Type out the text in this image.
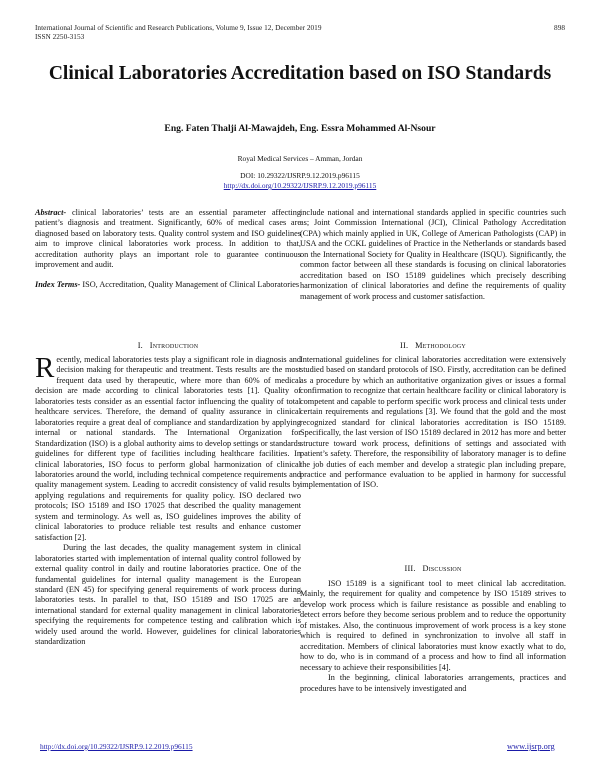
International Journal of Scientific and Research Publications, Volume 9, Issue 12, December 2019
ISSN 2250-3153
898
Clinical Laboratories Accreditation based on ISO Standards
Eng. Faten Thalji Al-Mawajdeh, Eng. Essra Mohammed Al-Nsour
Royal Medical Services – Amman, Jordan
DOI: 10.29322/IJSRP.9.12.2019.p96115
http://dx.doi.org/10.29322/IJSRP.9.12.2019.p96115

Abstract- clinical laboratories’ tests are an essential parameter affecting patient’s diagnosis and treatment. Significantly, 60% of medical cases are diagnosed based on laboratory tests. Quality control system and ISO guidelines aim to improve clinical laboratories work process. In addition to that, accreditation authority plays an important role to guarantee continuous improvement and audit.

Index Terms- ISO, Accreditation, Quality Management of Clinical Laboratories

include national and international standards applied in specific countries such as; Joint Commission International (JCI), Clinical Pathology Accreditation (CPA) which mainly applied in UK, College of American Pathologists (CAP) in USA and the CCKL guidelines of Practice in the Netherlands or standards based on the International Society for Quality in Healthcare (ISQU). Significantly, the common factor between all these standards is focusing on clinical laboratories accreditation based on ISO 15189 guidelines which precisely describing harmonization of clinical laboratories and define the requirements of quality management of work process and customer satisfaction.

I. Introduction

Recently, medical laboratories tests play a significant role in diagnosis and decision making for therapeutic and treatment. Tests results are the most frequent data used by therapeutic, where more than 60% of medical decision are made according to clinical laboratories tests [1]. Quality of laboratories tests consider as an essential factor influencing the quality of total healthcare services. Therefore, the demand of quality assurance in clinical laboratories require a great deal of compliance and standardization by applying internal or national standards. The International Organization for Standardization (ISO) is a global authority aims to develop settings or standards guidelines for different type of facilities including healthcare facilities. In clinical laboratories, ISO focus to perform global harmonization of clinical laboratories around the world, including technical competence requirements and quality management system. Leading to accredit consistency of valid results by applying regulations and requirements for quality policy. ISO declared two protocols; ISO 15189 and ISO 17025 that described the quality management system and terminology. As well as, ISO guidelines improves the ability of clinical laboratories to produce reliable test results and enhance customer satisfaction [2].

During the last decades, the quality management system in clinical laboratories started with implementation of internal quality control followed by external quality control in daily and routine laboratories practice. One of the fundamental guidelines for internal quality management is the European standard (EN 45) for specifying general requirements of work process during laboratories tests. In parallel to that, ISO 15189 and ISO 17025 are an international standard for external quality management in clinical laboratories specifying the requirements for competence testing and calibration which is widely used around the world. However, guidelines for clinical laboratories standardization

II. Methodology

International guidelines for clinical laboratories accreditation were extensively studied based on standard protocols of ISO. Firstly, accreditation can be defined as a procedure by which an authoritative organization gives or issues a formal confirmation to recognize that certain healthcare facility or clinical laboratory is competent and capable to perform specific work process and clinical tests under certain requirements and regulations [3]. We found that the gold and the most recognized standard for clinical laboratories accreditation is ISO 15189. Specifically, the last version of ISO 15189 declared in 2012 has more and better structure toward work process, definitions of settings and associated with patient’s safety. Therefore, the responsibility of laboratory manager is to define the job duties of each member and develop a strategic plan including prepare, practice and performance evaluation to be applied in harmony for successful implementation of ISO.

III. Discussion

ISO 15189 is a significant tool to meet clinical lab accreditation. Mainly, the requirement for quality and competence by ISO 15189 strives to develop work process which is failure resistance as possible and enabling to detect errors before they become serious problem and to reduce the opportunity of mistakes. Also, the continuous improvement of work process is a key stone which is required to defined in synchronization to involve all staff in accreditation. Members of clinical laboratories must know exactly what to do, how to do, who is in command of a process and how to find all information necessary to achieve their responsibilities [4].

In the beginning, clinical laboratories arrangements, practices and procedures have to be intensively investigated and

http://dx.doi.org/10.29322/IJSRP.9.12.2019.p96115	www.ijsrp.org
